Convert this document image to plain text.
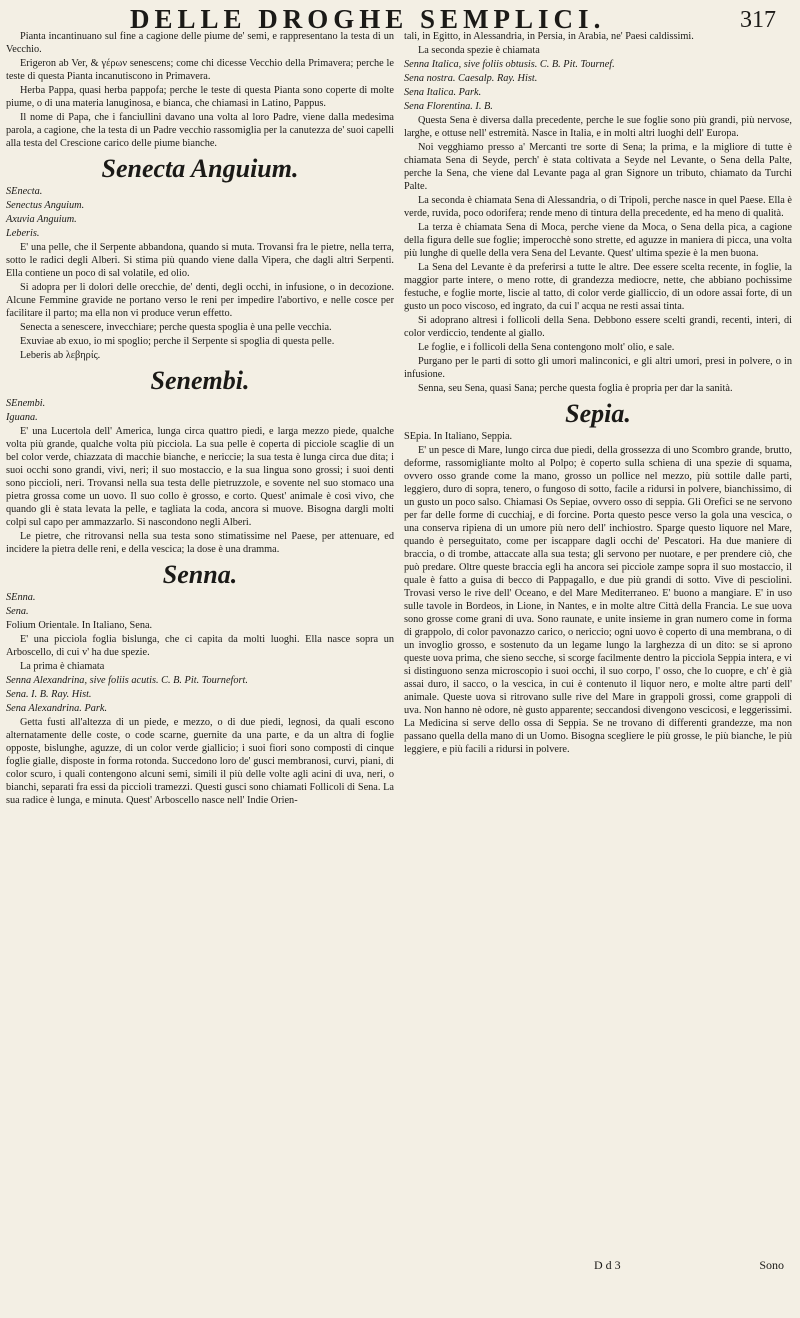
DELLE DROGHE SEMPLICI.	317

Pianta incantinuano sul fine a cagione delle piume de' semi, e rappresentano la testa di un Vecchio.

Erigeron ab Ver, & γέρων senescens; come chi dicesse Vecchio della Primavera; perche le teste di questa Pianta incanutiscono in Primavera.

Herba Pappa, quasi herba pappofa; perche le teste di questa Pianta sono coperte di molte piume, o di una materia lanuginosa, e bianca, che chiamasi in Latino, Pappus.

Il nome di Papa, che i fanciullini davano una volta al loro Padre, viene dalla medesima parola, a cagione, che la testa di un Padre vecchio rassomiglia per la canutezza de' suoi capelli alla testa del Crescione carico delle piume bianche.

Senecta Anguium.

SEnecta.

Senectus Anguium.

Axuvia Anguium.

Leberis.

E' una pelle, che il Serpente abbandona, quando si muta. Trovansi fra le pietre, nella terra, sotto le radici degli Alberi. Si stima più quando viene dalla Vipera, che dagli altri Serpenti. Ella contiene un poco di sal volatile, ed olio.

Si adopra per li dolori delle orecchie, de' denti, degli occhi, in infusione, o in decozione. Alcune Femmine gravide ne portano verso le reni per impedire l'abortivo, e nelle cosce per facilitare il parto; ma ella non vi produce verun effetto.

Senecta a senescere, invecchiare; perche questa spoglia è una pelle vecchia.

Exuviae ab exuo, io mi spoglio; perche il Serpente si spoglia di questa pelle.

Leberis ab λεβηρίς.

Senembi.

SEnembi.

Iguana.

E' una Lucertola dell' America, lunga circa quattro piedi, e larga mezzo piede, qualche volta più grande, qualche volta più picciola. La sua pelle è coperta di picciole scaglie di un bel color verde, chiazzata di macchie bianche, e nericcie; la sua testa è lunga circa due dita; i suoi occhi sono grandi, vivi, neri; il suo mostaccio, e la sua lingua sono grossi; i suoi denti sono piccioli, neri. Trovansi nella sua testa delle pietruzzole, e sovente nel suo stomaco una pietra grossa come un uovo. Il suo collo è grosso, e corto. Quest' animale è così vivo, che quando gli è stata levata la pelle, e tagliata la coda, ancora si muove. Bisogna dargli molti colpi sul capo per ammazzarlo. Si nascondono negli Alberi.

Le pietre, che ritrovansi nella sua testa sono stimatissime nel Paese, per attenuare, ed incidere la pietra delle reni, e della vescica; la dose è una dramma.

Senna.

SEnna.

Sena.

Folium Orientale. In Italiano, Sena.

E' una picciola foglia bislunga, che ci capita da molti luoghi. Ella nasce sopra un Arboscello, di cui v' ha due spezie.

La prima è chiamata

Senna Alexandrina, sive foliis acutis. C. B. Pit. Tournefort.

Sena. I. B. Ray. Hist.

Sena Alexandrina. Park.

Getta fusti all'altezza di un piede, e mezzo, o di due piedi, legnosi, da quali escono alternatamente delle coste, o code scarne, guernite da una parte, e da un altra di foglie opposte, bislunghe, aguzze, di un color verde giallicio; i suoi fiori sono composti di cinque foglie gialle, disposte in forma rotonda. Succedono loro de' gusci membranosi, curvi, piani, di color scuro, i quali contengono alcuni semi, simili il più delle volte agli acini di uva, neri, o bianchi, separati fra essi da piccioli tramezzi. Questi gusci sono chiamati Follicoli di Sena. La sua radice è lunga, e minuta. Quest' Arboscello nasce nell' Indie Orien-

tali, in Egitto, in Alessandria, in Persia, in Arabia, ne' Paesi caldissimi.

La seconda spezie è chiamata

Senna Italica, sive foliis obtusis. C. B. Pit. Tournef.

Sena nostra. Caesalp. Ray. Hist.

Sena Italica. Park.

Sena Florentina. I. B.

Questa Sena è diversa dalla precedente, perche le sue foglie sono più grandi, più nervose, larghe, e ottuse nell' estremità. Nasce in Italia, e in molti altri luoghi dell' Europa.

Noi vegghiamo presso a' Mercanti tre sorte di Sena; la prima, e la migliore di tutte è chiamata Sena di Seyde, perch' è stata coltivata a Seyde nel Levante, o Sena della Palte, perche la Sena, che viene dal Levante paga al gran Signore un tributo, chiamato da Turchi Palte.

La seconda è chiamata Sena di Alessandria, o di Tripoli, perche nasce in quel Paese. Ella è verde, ruvida, poco odorifera; rende meno di tintura della precedente, ed ha meno di qualità.

La terza è chiamata Sena di Moca, perche viene da Moca, o Sena della pica, a cagione della figura delle sue foglie; imperocchè sono strette, ed aguzze in maniera di picca, una volta più lunghe di quelle della vera Sena del Levante. Quest' ultima spezie è la men buona.

La Sena del Levante è da preferirsi a tutte le altre. Dee essere scelta recente, in foglie, la maggior parte intere, o meno rotte, di grandezza mediocre, nette, che abbiano pochissime festuche, e foglie morte, liscie al tatto, di color verde gialliccio, di un odore assai forte, di un gusto un poco viscoso, ed ingrato, da cui l' acqua ne resti assai tinta.

Si adoprano altresì i follicoli della Sena. Debbono essere scelti grandi, recenti, interi, di color verdiccio, tendente al giallo.

Le foglie, e i follicoli della Sena contengono molt' olio, e sale.

Purgano per le parti di sotto gli umori malinconici, e gli altri umori, presi in polvere, o in infusione.

Senna, seu Sena, quasi Sana; perche questa foglia è propria per dar la sanità.

Sepia.

SEpia. In Italiano, Seppia.

E' un pesce di Mare, lungo circa due piedi, della grossezza di uno Scombro grande, brutto, deforme, rassomigliante molto al Polpo; è coperto sulla schiena di una spezie di squama, ovvero osso grande come la mano, grosso un pollice nel mezzo, più sottile dalle parti, leggiero, duro di sopra, tenero, o fungoso di sotto, facile a ridursi in polvere, bianchissimo, di un gusto un poco salso. Chiamasi Os Sepiae, ovvero osso di seppia. Gli Orefici se ne servono per far delle forme di cucchiaj, e di forcine. Porta questo pesce verso la gola una vescica, o una conserva ripiena di un umore più nero dell' inchiostro. Sparge questo liquore nel Mare, quando è perseguitato, come per iscappare dagli occhi de' Pescatori. Ha due maniere di braccia, o di trombe, attaccate alla sua testa; gli servono per nuotare, e per prendere ciò, che può predare. Oltre queste braccia egli ha ancora sei picciole zampe sopra il suo mostaccio, il quale è fatto a guisa di becco di Pappagallo, e due più grandi di sotto. Vive di pesciolini. Trovasi verso le rive dell' Oceano, e del Mare Mediterraneo. E' buono a mangiare. E' in uso sulle tavole in Bordeos, in Lione, in Nantes, e in molte altre Città della Francia. Le sue uova sono grosse come grani di uva. Sono raunate, e unite insieme in gran numero come in forma di grappolo, di color pavonazzo carico, o nericcio; ogni uovo è coperto di una membrana, o di un invoglio grosso, e sostenuto da un legame lungo la larghezza di un dito: se si aprono queste uova prima, che sieno secche, si scorge facilmente dentro la picciola Seppia intera, e vi si distinguono senza microscopio i suoi occhi, il suo corpo, l' osso, che lo cuopre, e ch' è già assai duro, il sacco, o la vescica, in cui è contenuto il liquor nero, e molte altre parti dell' animale. Queste uova si ritrovano sulle rive del Mare in grappoli grossi, come grappoli di uva. Non hanno nè odore, nè gusto apparente; seccandosi divengono vescicosi, e leggerissimi. La Medicina si serve dello ossa di Seppia. Se ne trovano di differenti grandezze, ma non passano quella della mano di un Uomo. Bisogna scegliere le più grosse, le più bianche, le più leggiere, e più facili a ridursi in polvere.

D d 3	Sono
